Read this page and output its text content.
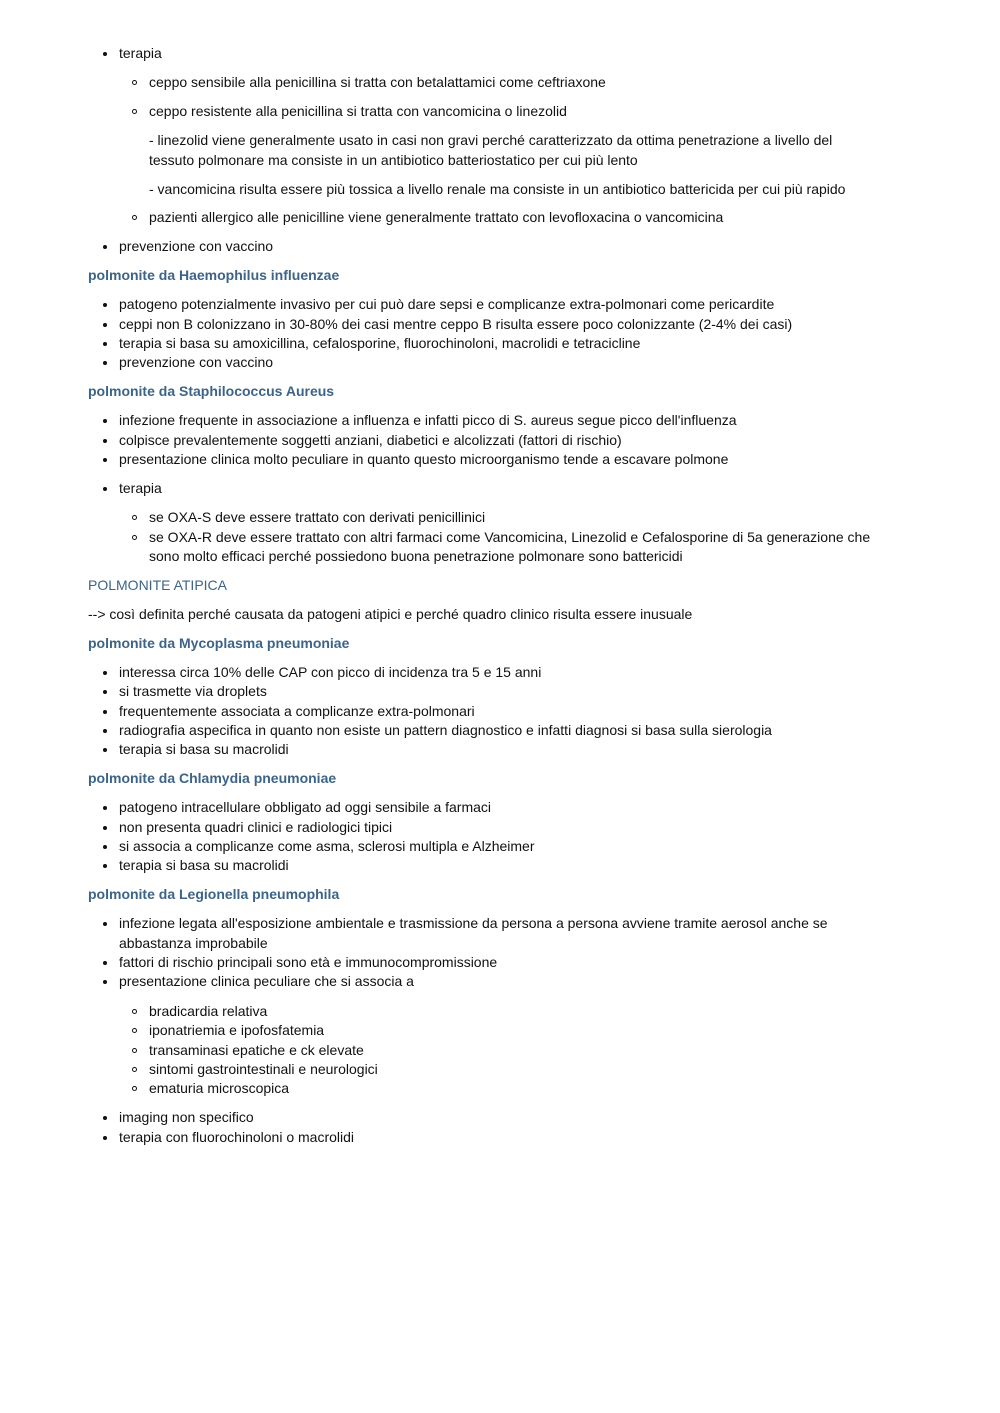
terapia
ceppo sensibile alla penicillina si tratta con betalattamici come ceftriaxone
ceppo resistente alla penicillina si tratta con vancomicina o linezolid
- linezolid viene generalmente usato in casi non gravi perché caratterizzato da ottima penetrazione a livello del tessuto polmonare ma consiste in un antibiotico batteriostatico per cui più lento
- vancomicina risulta essere più tossica a livello renale ma consiste in un antibiotico battericida per cui più rapido
pazienti allergico alle penicilline viene generalmente trattato con levofloxacina o vancomicina
prevenzione con vaccino
polmonite da Haemophilus influenzae
patogeno potenzialmente invasivo per cui può dare sepsi e complicanze extra-polmonari come pericardite
ceppi non B colonizzano in 30-80% dei casi mentre ceppo B risulta essere poco colonizzante (2-4% dei casi)
terapia si basa su amoxicillina, cefalosporine, fluorochinoloni, macrolidi e tetracicline
prevenzione con vaccino
polmonite da Staphilococcus Aureus
infezione frequente in associazione a influenza e infatti picco di S. aureus segue picco dell'influenza
colpisce prevalentemente soggetti anziani, diabetici e alcolizzati (fattori di rischio)
presentazione clinica molto peculiare in quanto questo microorganismo tende a escavare polmone
terapia
se OXA-S deve essere trattato con derivati penicillinici
se OXA-R deve essere trattato con altri farmaci come Vancomicina, Linezolid e Cefalosporine di 5a generazione che sono molto efficaci perché possiedono buona penetrazione polmonare sono battericidi
POLMONITE ATIPICA
--> così definita perché causata da patogeni atipici e perché quadro clinico risulta essere inusuale
polmonite da Mycoplasma pneumoniae
interessa circa 10% delle CAP con picco di incidenza tra 5 e 15 anni
si trasmette via droplets
frequentemente associata a complicanze extra-polmonari
radiografia aspecifica in quanto non esiste un pattern diagnostico e infatti diagnosi si basa sulla sierologia
terapia si basa su macrolidi
polmonite da Chlamydia pneumoniae
patogeno intracellulare obbligato ad oggi sensibile a farmaci
non presenta quadri clinici e radiologici tipici
si associa a complicanze come asma, sclerosi multipla e Alzheimer
terapia si basa su macrolidi
polmonite da Legionella pneumophila
infezione legata all'esposizione ambientale e trasmissione da persona a persona avviene tramite aerosol anche se abbastanza improbabile
fattori di rischio principali sono età e immunocompromissione
presentazione clinica peculiare che si associa a
bradicardia relativa
iponatriemia e ipofosfatemia
transaminasi epatiche e ck elevate
sintomi gastrointestinali e neurologici
ematuria microscopica
imaging non specifico
terapia con fluorochinoloni o macrolidi
